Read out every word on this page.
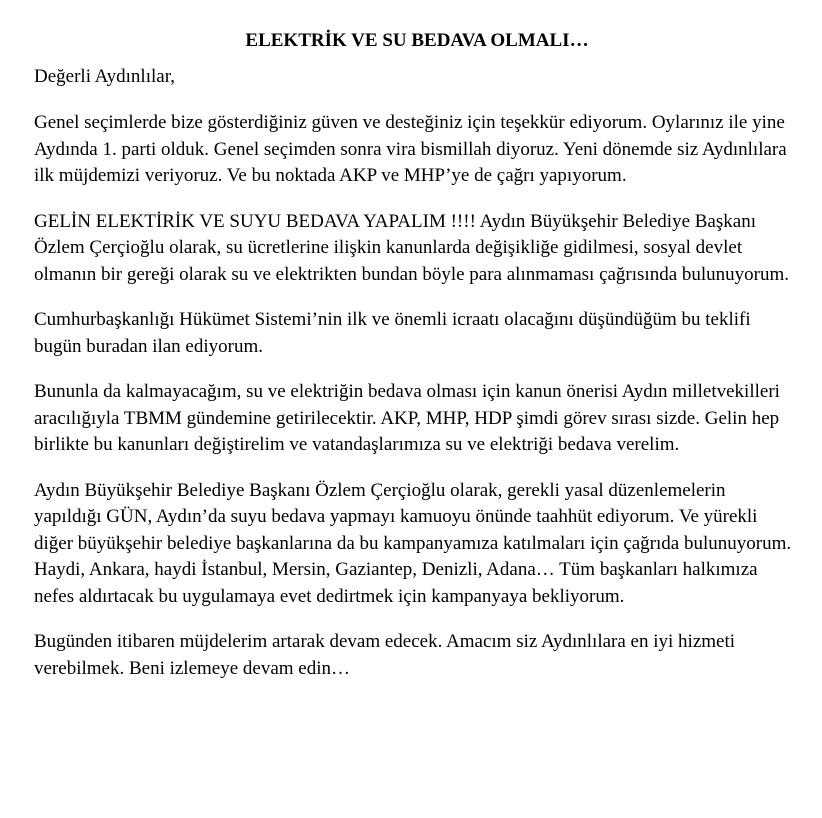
ELEKTRİK VE SU BEDAVA OLMALI…
Değerli Aydınlılar,
Genel seçimlerde bize gösterdiğiniz güven ve desteğiniz için teşekkür ediyorum. Oylarınız ile yine Aydında 1. parti olduk. Genel seçimden sonra vira bismillah diyoruz. Yeni dönemde siz Aydınlılara ilk müjdemizi veriyoruz. Ve bu noktada AKP ve MHP’ye de çağrı yapıyorum.
GELİN ELEKTİRİK VE SUYU BEDAVA YAPALIM !!!! Aydın Büyükşehir Belediye Başkanı Özlem Çerçioğlu olarak, su ücretlerine ilişkin kanunlarda değişikliğe gidilmesi, sosyal devlet olmanın bir gereği olarak su ve elektrikten bundan böyle para alınmaması çağrısında bulunuyorum.
Cumhurbaşkanlığı Hükümet Sistemi’nin ilk ve önemli icraatı olacağını düşündüğüm bu teklifi bugün buradan ilan ediyorum.
Bununla da kalmayacağım, su ve elektriğin bedava olması için kanun önerisi Aydın milletvekilleri aracılığıyla TBMM gündemine getirilecektir. AKP, MHP, HDP şimdi görev sırası sizde. Gelin hep birlikte bu kanunları değiştirelim ve vatandaşlarımıza su ve elektriği bedava verelim.
Aydın Büyükşehir Belediye Başkanı Özlem Çerçioğlu olarak, gerekli yasal düzenlemelerin yapıldığı GÜN, Aydın’da suyu bedava yapmayı kamuoyu önünde taahhüt ediyorum. Ve yürekli diğer büyükşehir belediye başkanlarına da bu kampanyamıza katılmaları için çağrıda bulunuyorum. Haydi, Ankara, haydi İstanbul, Mersin, Gaziantep, Denizli, Adana… Tüm başkanları halkımıza nefes aldırtacak bu uygulamaya evet dedirtmek için kampanyaya bekliyorum.
Bugünden itibaren müjdelerim artarak devam edecek. Amacım siz Aydınlılara en iyi hizmeti verebilmek. Beni izlemeye devam edin…
